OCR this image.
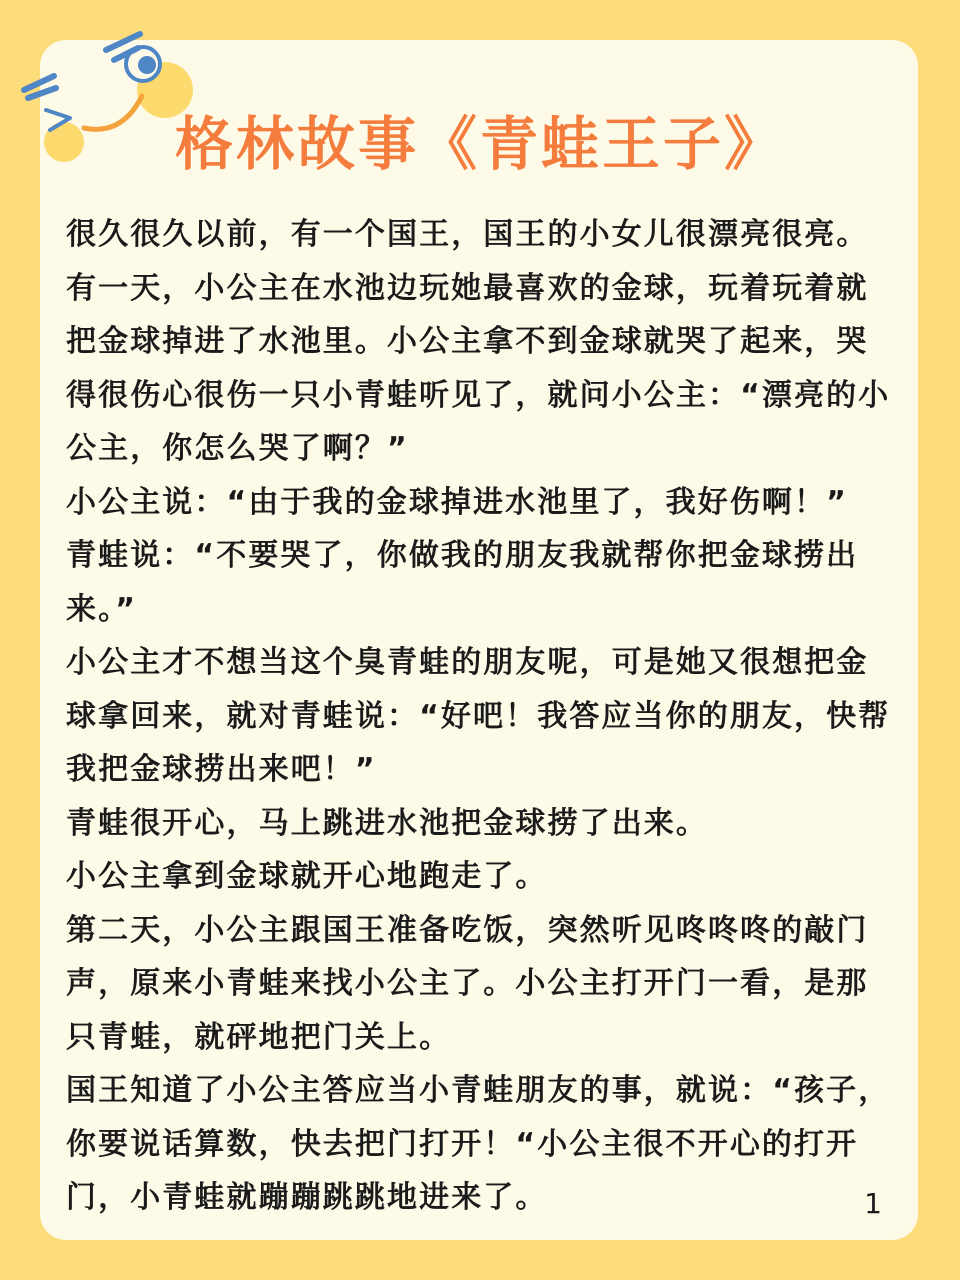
格林故事《青蛙王子》

很久很久以前，有一个国王，国王的小女儿很漂亮很亮。有一天，小公主在水池边玩她最喜欢的金球，玩着玩着就把金球掉进了水池里。小公主拿不到金球就哭了起来，哭得很伤心很伤一只小青蛙听见了，就问小公主：“漂亮的小公主，你怎么哭了啊？”

小公主说：“由于我的金球掉进水池里了，我好伤啊！”

青蛙说：“不要哭了，你做我的朋友我就帮你把金球捞出来。”

小公主才不想当这个臭青蛙的朋友呢，可是她又很想把金球拿回来，就对青蛙说：“好吧！我答应当你的朋友，快帮我把金球捞出来吧！”

青蛙很开心，马上跳进水池把金球捞了出来。

小公主拿到金球就开心地跑走了。

第二天，小公主跟国王准备吃饭，突然听见咚咚咚的敲门声，原来小青蛙来找小公主了。小公主打开门一看，是那只青蛙，就砰地把门关上。

国王知道了小公主答应当小青蛙朋友的事，就说：“孩子，你要说话算数，快去把门打开！“小公主很不开心的打开门，小青蛙就蹦蹦跳跳地进来了。	1
